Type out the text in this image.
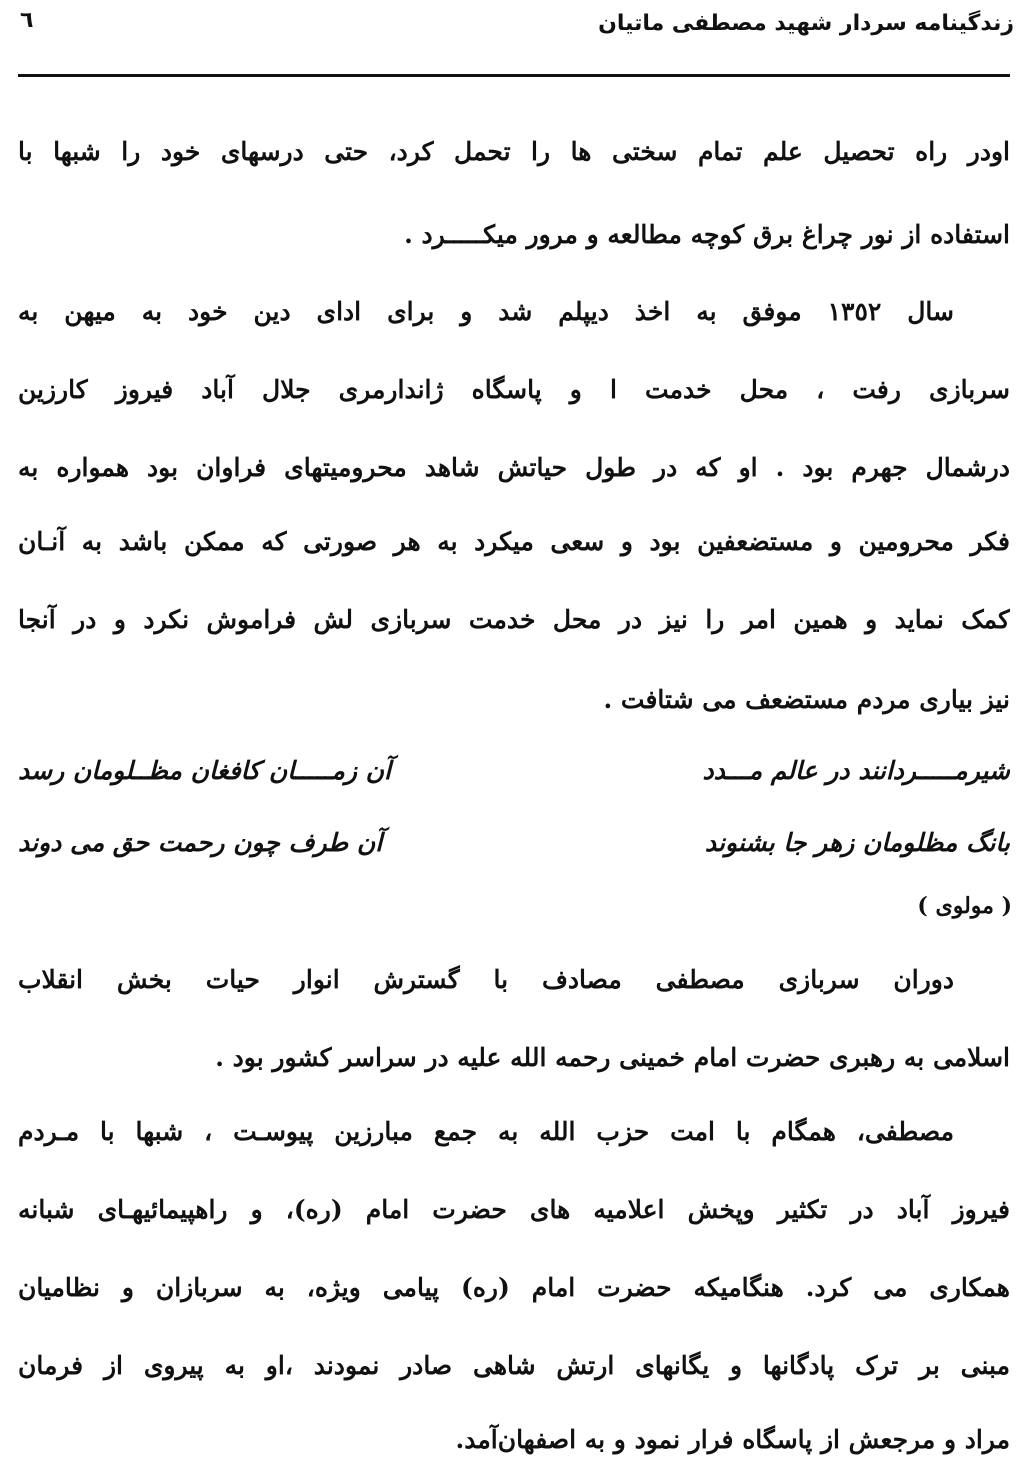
زندگینامه سردار شهید مصطفی ماتیان
٦
اودر راه تحصیل علم تمام سختی ها را تحمل کرد، حتی درسهای خود را شبها با
استفاده از نور چراغ برق کوچه مطالعه و مرور میکـــــرد .
سال ١٣٥٢ موفق به اخذ دیپلم شد و برای ادای دین خود به میهن به
سربازی رفت ، محل خدمت ا و پاسگاه ژاندارمری جلال آباد فیروز کارزین
درشمال جهرم بود . او که در طول حیاتش شاهد محرومیتهای فراوان بود همواره به
فکر محرومین و مستضعفین بود و سعی میکرد به هر صورتی که ممکن باشد به آنـان
کمک نماید و همین امر را نیز در محل خدمت سربازی لش فراموش نکرد و در آنجا
نیز بیاری مردم مستضعف می شتافت .
شیرمـــــردانند در عالم مـــدد
آن زمـــــان کافغان مظــلومان رسد
بانگ مظلومان زهر جا بشنوند
آن طرف چون رحمت حق می دوند
( مولوی )
دوران سربازی مصطفی مصادف با گسترش انوار حیات بخش انقلاب
اسلامی به رهبری حضرت امام خمینی رحمه الله علیه در سراسر کشور بود .
مصطفی، همگام با امت حزب الله به جمع مبارزین پیوسـت ، شبها با مـردم
فیروز آباد در تکثیر وپخش اعلامیه های حضرت امام (ره)، و راهپیمائیهـای شبانه
همکاری می کرد. هنگامیکه حضرت امام (ره) پیامی ویژه، به سربازان و نظامیان
مبنی بر ترک پادگانها و یگانهای ارتش شاهی صادر نمودند ،او به پیروی از فرمان
مراد و مرجعش از پاسگاه فرار نمود و به اصفهان‌آمد.
